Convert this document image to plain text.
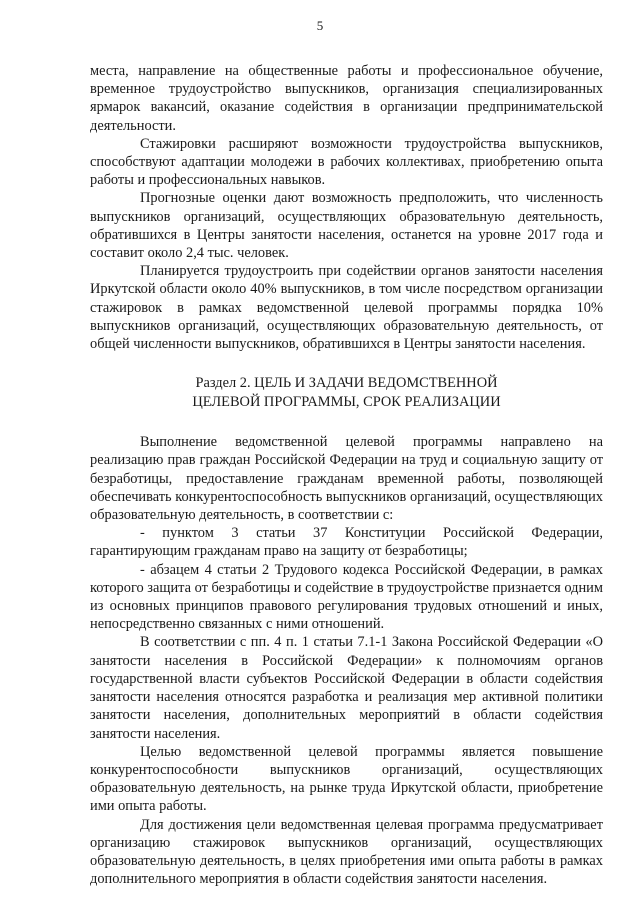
5

места, направление на общественные работы и профессиональное обучение, временное трудоустройство выпускников, организация специализированных ярмарок вакансий, оказание содействия в организации предпринимательской деятельности.

Стажировки расширяют возможности трудоустройства выпускников, способствуют адаптации молодежи в рабочих коллективах, приобретению опыта работы и профессиональных навыков.

Прогнозные оценки дают возможность предположить, что численность выпускников организаций, осуществляющих образовательную деятельность, обратившихся в Центры занятости населения, останется на уровне 2017 года и составит около 2,4 тыс. человек.

Планируется трудоустроить при содействии органов занятости населения Иркутской области около 40% выпускников, в том числе посредством организации стажировок в рамках ведомственной целевой программы порядка 10% выпускников организаций, осуществляющих образовательную деятельность, от общей численности выпускников, обратившихся в Центры занятости населения.

Раздел 2. ЦЕЛЬ И ЗАДАЧИ ВЕДОМСТВЕННОЙ
ЦЕЛЕВОЙ ПРОГРАММЫ, СРОК РЕАЛИЗАЦИИ

Выполнение ведомственной целевой программы направлено на реализацию прав граждан Российской Федерации на труд и социальную защиту от безработицы, предоставление гражданам временной работы, позволяющей обеспечивать конкурентоспособность выпускников организаций, осуществляющих образовательную деятельность, в соответствии с:

- пунктом 3 статьи 37 Конституции Российской Федерации, гарантирующим гражданам право на защиту от безработицы;

- абзацем 4 статьи 2 Трудового кодекса Российской Федерации, в рамках которого защита от безработицы и содействие в трудоустройстве признается одним из основных принципов правового регулирования трудовых отношений и иных, непосредственно связанных с ними отношений.

В соответствии с пп. 4 п. 1 статьи 7.1-1 Закона Российской Федерации «О занятости населения в Российской Федерации» к полномочиям органов государственной власти субъектов Российской Федерации в области содействия занятости населения относятся разработка и реализация мер активной политики занятости населения, дополнительных мероприятий в области содействия занятости населения.

Целью ведомственной целевой программы является повышение конкурентоспособности выпускников организаций, осуществляющих образовательную деятельность, на рынке труда Иркутской области, приобретение ими опыта работы.

Для достижения цели ведомственная целевая программа предусматривает организацию стажировок выпускников организаций, осуществляющих образовательную деятельность, в целях приобретения ими опыта работы в рамках дополнительного мероприятия в области содействия занятости населения.
